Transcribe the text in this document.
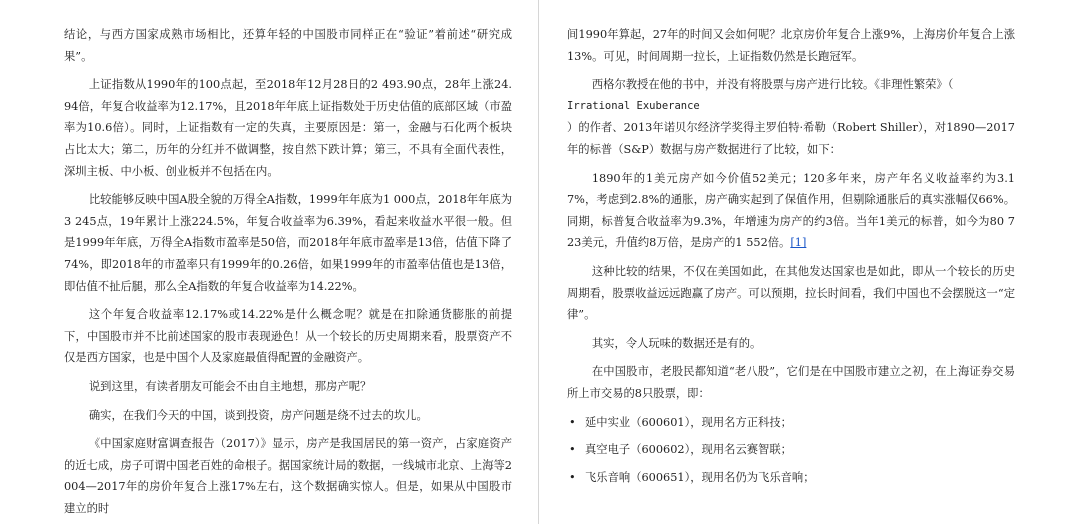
结论，与西方国家成熟市场相比，还算年轻的中国股市同样正在“验证”着前述“研究成果”。

上证指数从1990年的100点起，至2018年12月28日的2 493.90点，28年上涨24.94倍，年复合收益率为12.17%，且2018年年底上证指数处于历史估值的底部区域（市盈率为10.6倍）。同时，上证指数有一定的失真，主要原因是：第一，金融与石化两个板块占比太大；第二，历年的分红并不做调整，按自然下跌计算；第三，不具有全面代表性，深圳主板、中小板、创业板并不包括在内。

比较能够反映中国A股全貌的万得全A指数，1999年年底为1 000点，2018年年底为3 245点，19年累计上涨224.5%，年复合收益率为6.39%，看起来收益水平很一般。但是1999年年底，万得全A指数市盈率是50倍，而2018年年底市盈率是13倍，估值下降了74%，即2018年的市盈率只有1999年的0.26倍，如果1999年的市盈率估值也是13倍，即估值不扯后腿，那么全A指数的年复合收益率为14.22%。

这个年复合收益率12.17%或14.22%是什么概念呢？就是在扣除通货膨胀的前提下，中国股市并不比前述国家的股市表现逊色！从一个较长的历史周期来看，股票资产不仅是西方国家，也是中国个人及家庭最值得配置的金融资产。

说到这里，有读者朋友可能会不由自主地想，那房产呢？

确实，在我们今天的中国，谈到投资，房产问题是绕不过去的坎儿。

《中国家庭财富调查报告（2017）》显示，房产是我国居民的第一资产，占家庭资产的近七成，房子可谓中国老百姓的命根子。据国家统计局的数据，一线城市北京、上海等2004—2017年的房价年复合上涨17%左右，这个数据确实惊人。但是，如果从中国股市建立的时

间1990年算起，27年的时间又会如何呢？北京房价年复合上涨9%，上海房价年复合上涨13%。可见，时间周期一拉长，上证指数仍然是长跑冠军。

西格尔教授在他的书中，并没有将股票与房产进行比较。《非理性繁荣》（

Irrational Exuberance

）的作者、2013年诺贝尔经济学奖得主罗伯特·希勒（Robert Shiller），对1890—2017年的标普（S&P）数据与房产数据进行了比较，如下：

1890年的1美元房产如今价值52美元；120多年来，房产年名义收益率约为3.17%，考虑到2.8%的通胀，房产确实起到了保值作用，但剔除通胀后的真实涨幅仅66%。同期，标普复合收益率为9.3%，年增速为房产的约3倍。当年1美元的标普，如今为80 723美元，升值约8万倍，是房产的1 552倍。[1]

这种比较的结果，不仅在美国如此，在其他发达国家也是如此，即从一个较长的历史周期看，股票收益远远跑赢了房产。可以预期，拉长时间看，我们中国也不会摆脱这一“定律”。

其实，令人玩味的数据还是有的。

在中国股市，老股民都知道“老八股”，它们是在中国股市建立之初，在上海证券交易所上市交易的8只股票，即：

• 延中实业（600601），现用名方正科技；
• 真空电子（600602），现用名云赛智联；
• 飞乐音响（600651），现用名仍为飞乐音响；
